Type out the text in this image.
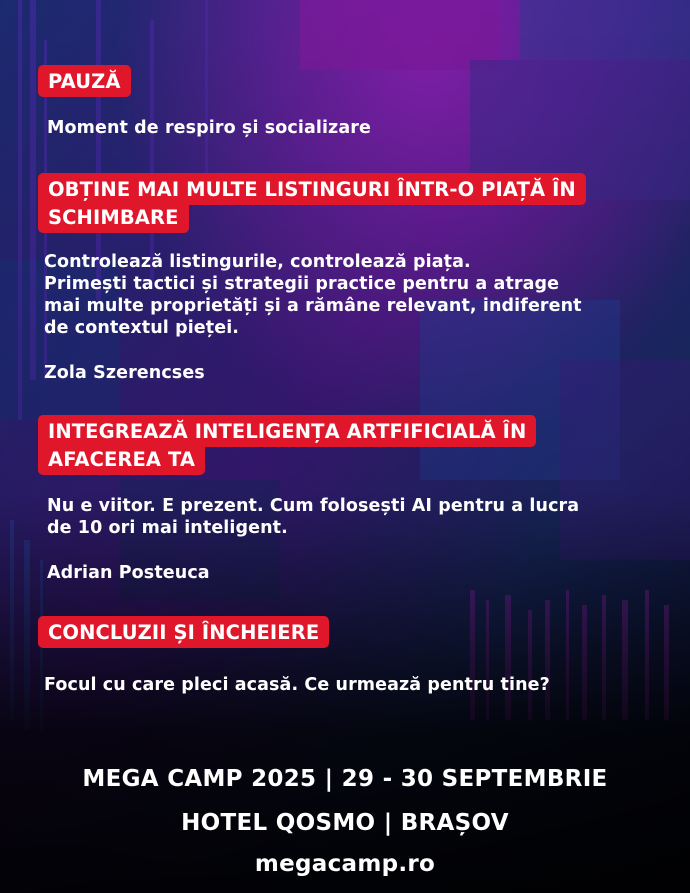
PAUZĂ
Moment de respiro și socializare
OBȚINE MAI MULTE LISTINGURI ÎNTR-O PIAȚĂ ÎN
SCHIMBARE
Controlează listingurile, controlează piața.
Primești tactici și strategii practice pentru a atrage
mai multe proprietăți și a rămâne relevant, indiferent
de contextul pieței.
Zola Szerencses
INTEGREAZĂ INTELIGENȚA ARTFIFICIALĂ ÎN
AFACEREA TA
Nu e viitor. E prezent. Cum folosești AI pentru a lucra
de 10 ori mai inteligent.
Adrian Posteuca
CONCLUZII ȘI ÎNCHEIERE
Focul cu care pleci acasă. Ce urmează pentru tine?
MEGA CAMP 2025 | 29 - 30 SEPTEMBRIE
HOTEL QOSMO | BRAȘOV
megacamp.ro
